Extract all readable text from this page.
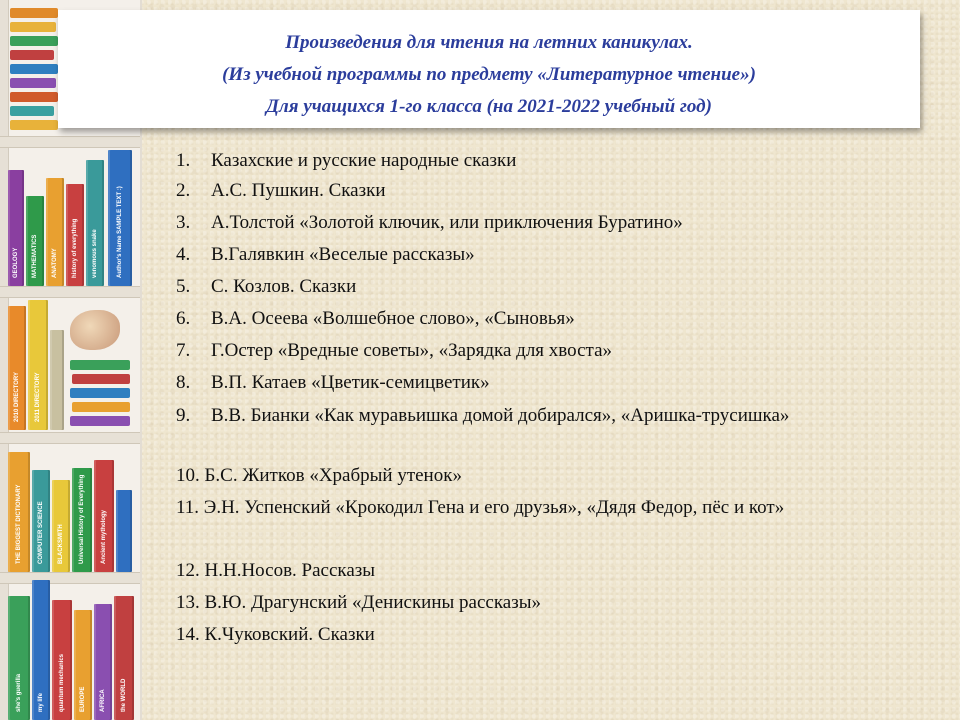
GEOLOGY MATHEMATICS ANATOMY history of everything venomous snake	Author's Name SAMPLE TEXT :)
2010 DIRECTORY	2011 DIRECTORY
THE BIGGEST DICTIONARY	COMPUTER SCIENCE BLACKSMITH	Universal History of Everything	Ancient mythology
she's guerilla	my life	quantum mechanics	EUROPE AFRICA	the WORLD
Произведения для чтения на летних каникулах.
(Из учебной программы по предмету «Литературное чтение»)
Для учащихся 1-го класса (на 2021-2022 учебный год)
1. Казахские и русские народные сказки
2. А.С. Пушкин. Сказки
3. А.Толстой «Золотой ключик, или приключения Буратино»
4. В.Галявкин «Веселые рассказы»
5. С. Козлов. Сказки
6. В.А. Осеева «Волшебное слово», «Сыновья»
7. Г.Остер «Вредные советы», «Зарядка для хвоста»
8. В.П. Катаев «Цветик-семицветик»
9. В.В. Бианки «Как муравьишка домой добирался», «Аришка-трусишка»
10. Б.С. Житков «Храбрый утенок»
11. Э.Н. Успенский «Крокодил Гена и его друзья», «Дядя Федор, пёс и кот»
12. Н.Н.Носов. Рассказы
13. В.Ю. Драгунский «Денискины рассказы»
14. К.Чуковский. Сказки
